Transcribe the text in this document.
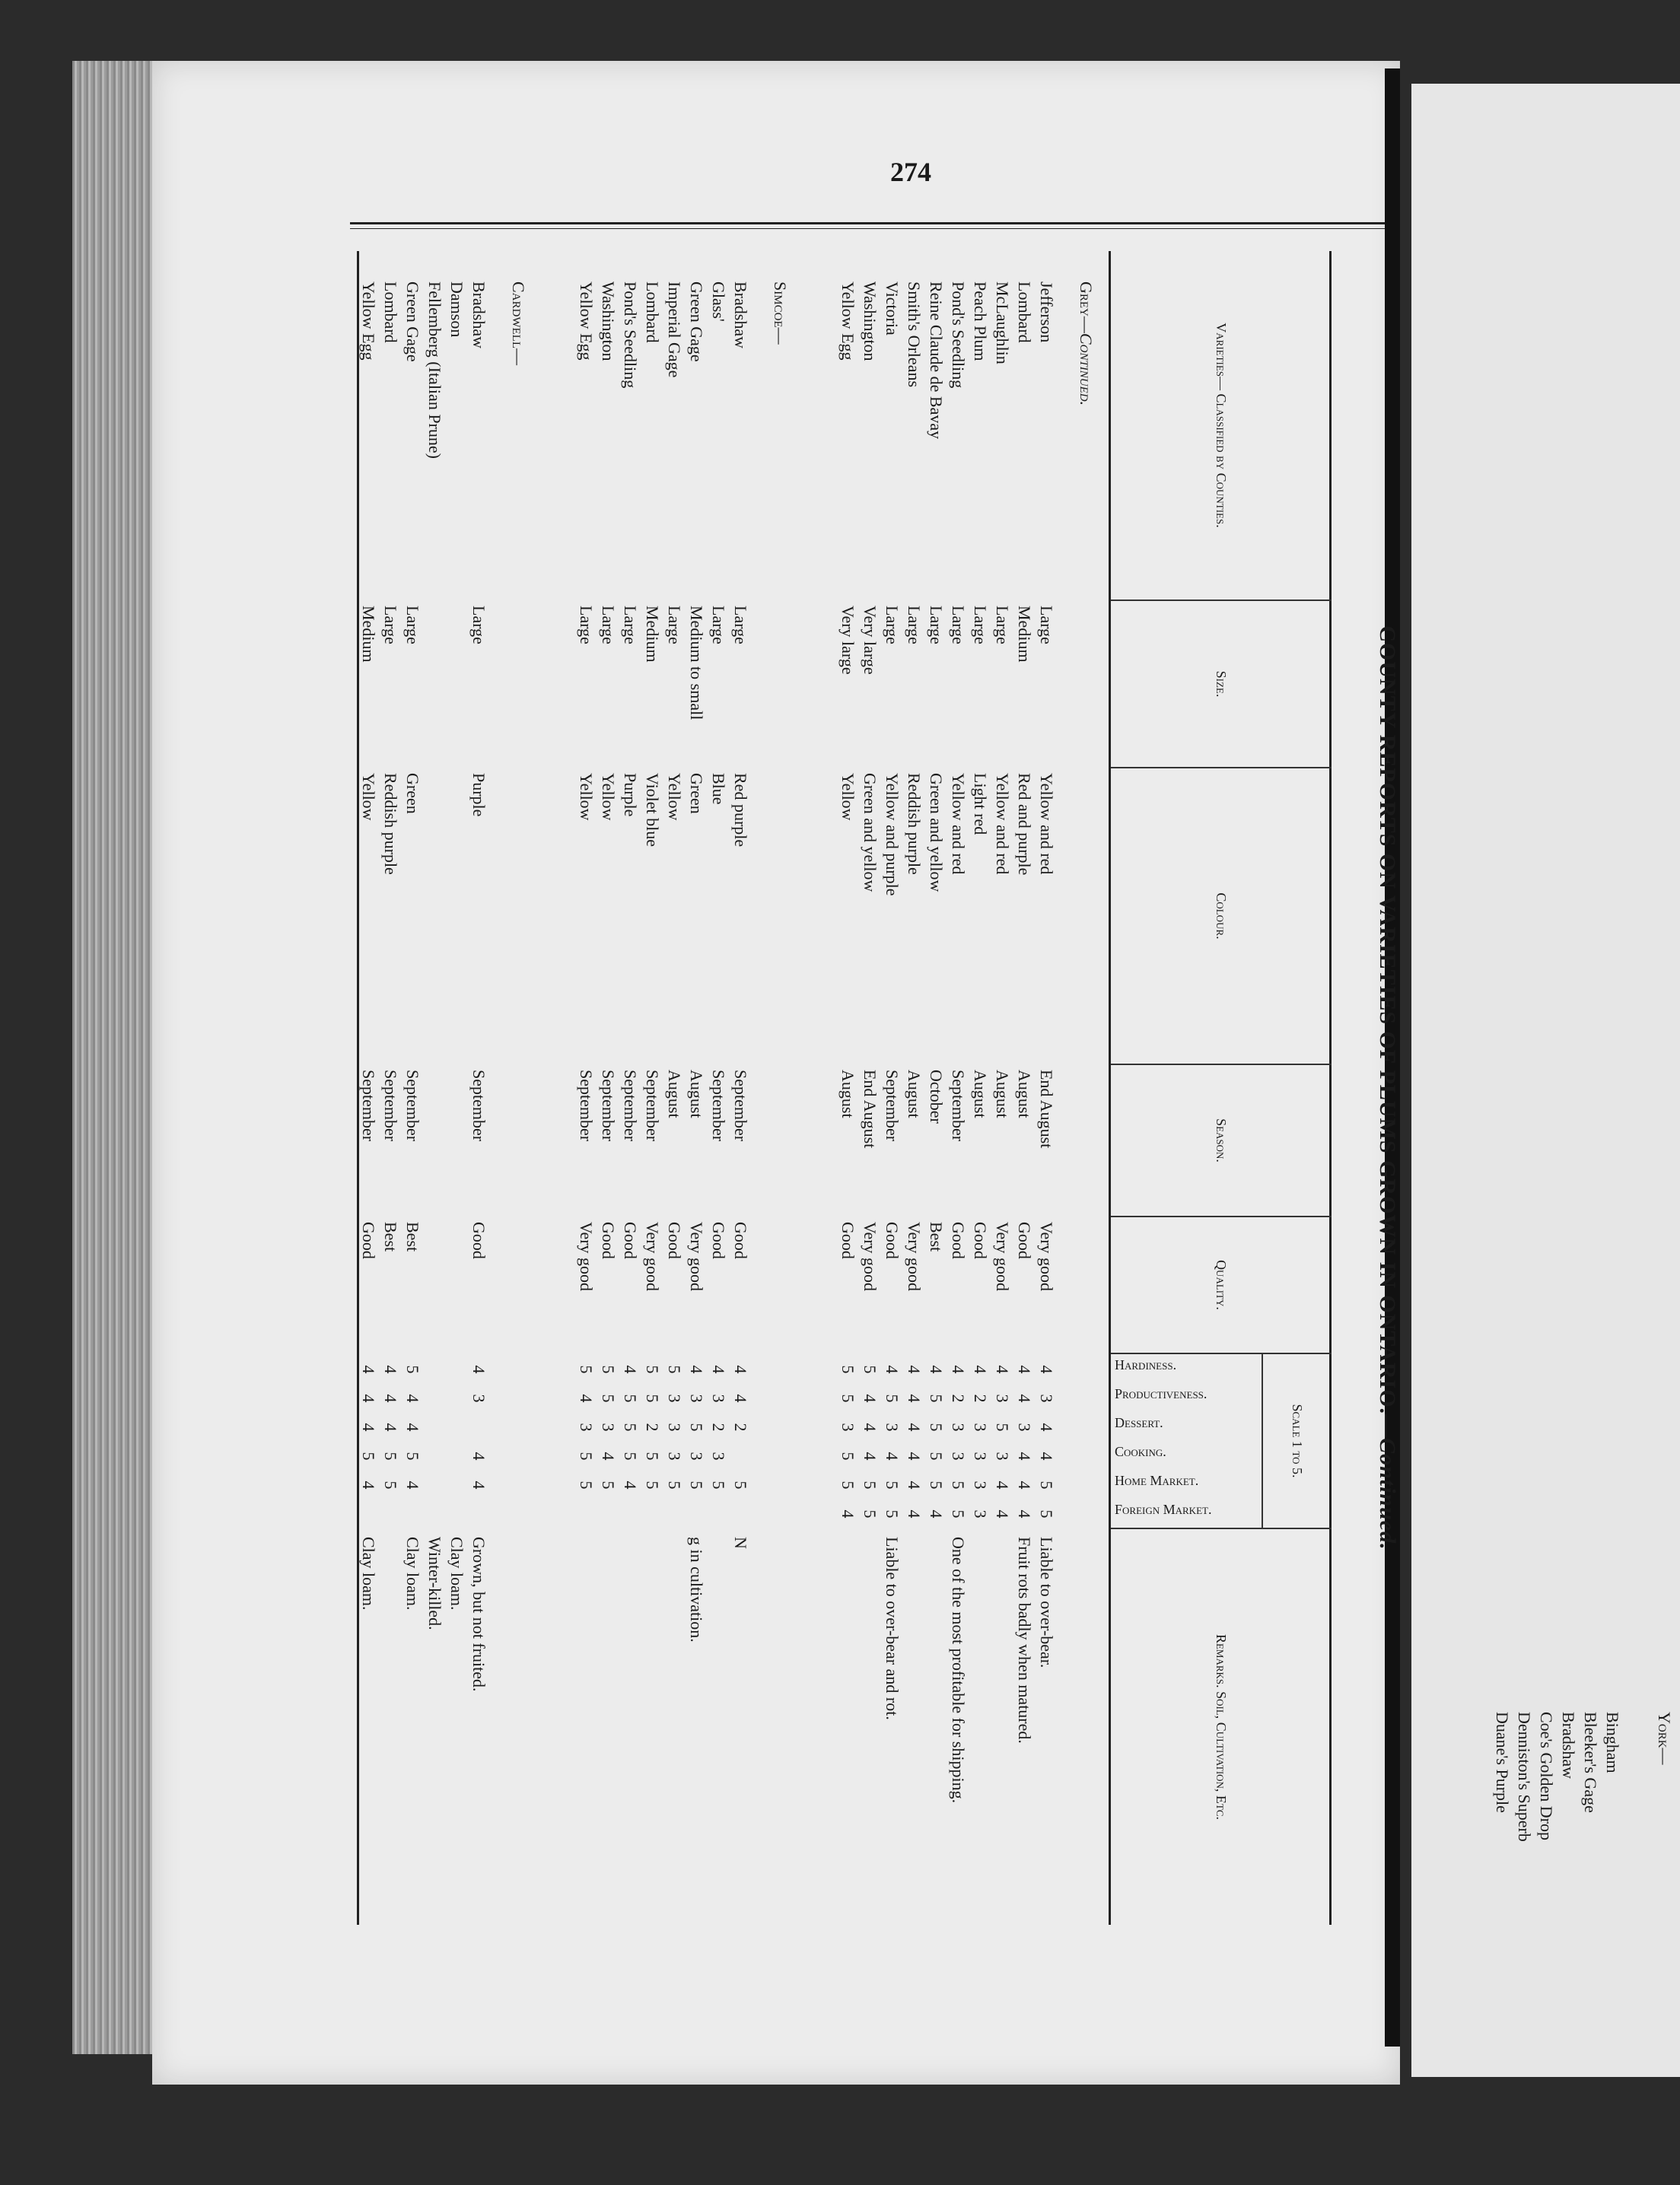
274
COUNTY REPORTS ON VARIETIES OF PLUMS GROWN IN ONTARIO.—Continued.
Varieties— Classified by Counties.
Size.
Colour.
Season.
Quality.
Scale 1 to 5.
Hardiness.
Productiveness.
Dessert.
Cooking.
Home Market.
Foreign Market.
Remarks. Soil, Cultivation, Etc.
Grey—Continued.
Jefferson
Large
Yellow and red
End August
Very good
4
3
4
4
5
5
Liable to over-bear.
Lombard
Medium
Red and purple
August
Good
4
4
3
4
4
4
Fruit rots badly when matured.
McLaughlin
Large
Yellow and red
August
Very good
4
3
5
3
4
4
Peach Plum
Large
Light red
August
Good
4
2
3
3
3
3
Pond's Seedling
Large
Yellow and red
September
Good
4
2
3
3
5
5
One of the most profitable for shipping.
Reine Claude de Bavay
Large
Green and yellow
October
Best
4
5
5
5
5
4
Smith's Orleans
Large
Reddish purple
August
Very good
4
4
4
4
4
4
Victoria
Large
Yellow and purple
September
Good
4
5
3
4
5
5
Liable to over-bear and rot.
Washington
Very large
Green and yellow
End August
Very good
5
4
4
4
5
5
Yellow Egg
Very large
Yellow
August
Good
5
5
3
5
5
4
Simcoe—
Bradshaw
Large
Red purple
September
Good
4
4
2
5
N
Glass'
Large
Blue
September
Good
4
3
2
3
5
Green Gage
Medium to small
Green
August
Very good
4
3
5
3
5
g in cultivation.
Imperial Gage
Large
Yellow
August
Good
5
3
3
3
5
Lombard
Medium
Violet blue
September
Very good
5
5
2
5
5
Pond's Seedling
Large
Purple
September
Good
4
5
5
5
4
Washington
Large
Yellow
September
Good
5
5
3
4
5
Yellow Egg
Large
Yellow
September
Very good
5
4
3
5
5
Cardwell—
Bradshaw
Large
Purple
September
Good
4
3
4
4
Grown, but not fruited.
Damson
Clay loam.
Fellemberg (Italian Prune)
Winter-killed.
Green Gage
Large
Green
September
Best
5
4
4
5
4
Clay loam.
Lombard
Large
Reddish purple
September
Best
4
4
4
5
5
Yellow Egg
Medium
Yellow
September
Good
4
4
4
5
4
Clay loam.
York—
Bingham
Bleeker's Gage
Bradshaw
Coe's Golden Drop
Denniston's Superb
Duane's Purple
